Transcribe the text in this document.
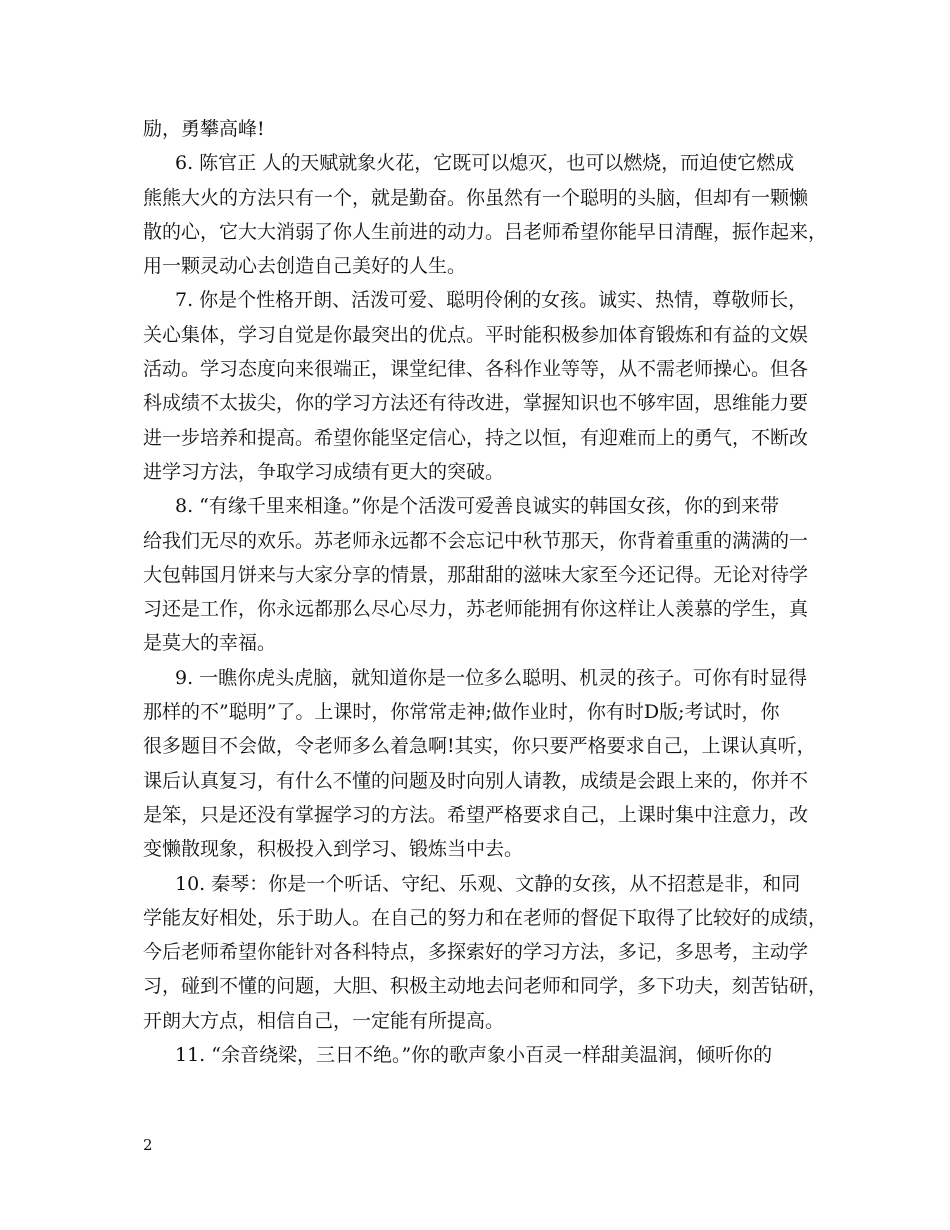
励，勇攀高峰!
6. 陈官正 人的天赋就象火花，它既可以熄灭，也可以燃烧，而迫使它燃成
熊熊大火的方法只有一个，就是勤奋。你虽然有一个聪明的头脑，但却有一颗懒
散的心，它大大消弱了你人生前进的动力。吕老师希望你能早日清醒，振作起来，
用一颗灵动心去创造自己美好的人生。
7. 你是个性格开朗、活泼可爱、聪明伶俐的女孩。诚实、热情，尊敬师长，
关心集体，学习自觉是你最突出的优点。平时能积极参加体育锻炼和有益的文娱
活动。学习态度向来很端正，课堂纪律、各科作业等等，从不需老师操心。但各
科成绩不太拔尖，你的学习方法还有待改进，掌握知识也不够牢固，思维能力要
进一步培养和提高。希望你能坚定信心，持之以恒，有迎难而上的勇气，不断改
进学习方法，争取学习成绩有更大的突破。
8. “有缘千里来相逢。”你是个活泼可爱善良诚实的韩国女孩，你的到来带
给我们无尽的欢乐。苏老师永远都不会忘记中秋节那天，你背着重重的满满的一
大包韩国月饼来与大家分享的情景，那甜甜的滋味大家至今还记得。无论对待学
习还是工作，你永远都那么尽心尽力，苏老师能拥有你这样让人羡慕的学生，真
是莫大的幸福。
9. 一瞧你虎头虎脑，就知道你是一位多么聪明、机灵的孩子。可你有时显得
那样的不”聪明”了。上课时，你常常走神;做作业时，你有时D版;考试时，你
很多题目不会做，令老师多么着急啊!其实，你只要严格要求自己，上课认真听，
课后认真复习，有什么不懂的问题及时向别人请教，成绩是会跟上来的，你并不
是笨，只是还没有掌握学习的方法。希望严格要求自己，上课时集中注意力，改
变懒散现象，积极投入到学习、锻炼当中去。
10. 秦琴：你是一个听话、守纪、乐观、文静的女孩，从不招惹是非，和同
学能友好相处，乐于助人。在自己的努力和在老师的督促下取得了比较好的成绩，
今后老师希望你能针对各科特点，多探索好的学习方法，多记，多思考，主动学
习，碰到不懂的问题，大胆、积极主动地去问老师和同学，多下功夫，刻苦钻研，
开朗大方点，相信自己，一定能有所提高。
11. “余音绕梁，三日不绝。”你的歌声象小百灵一样甜美温润，倾听你的
2
